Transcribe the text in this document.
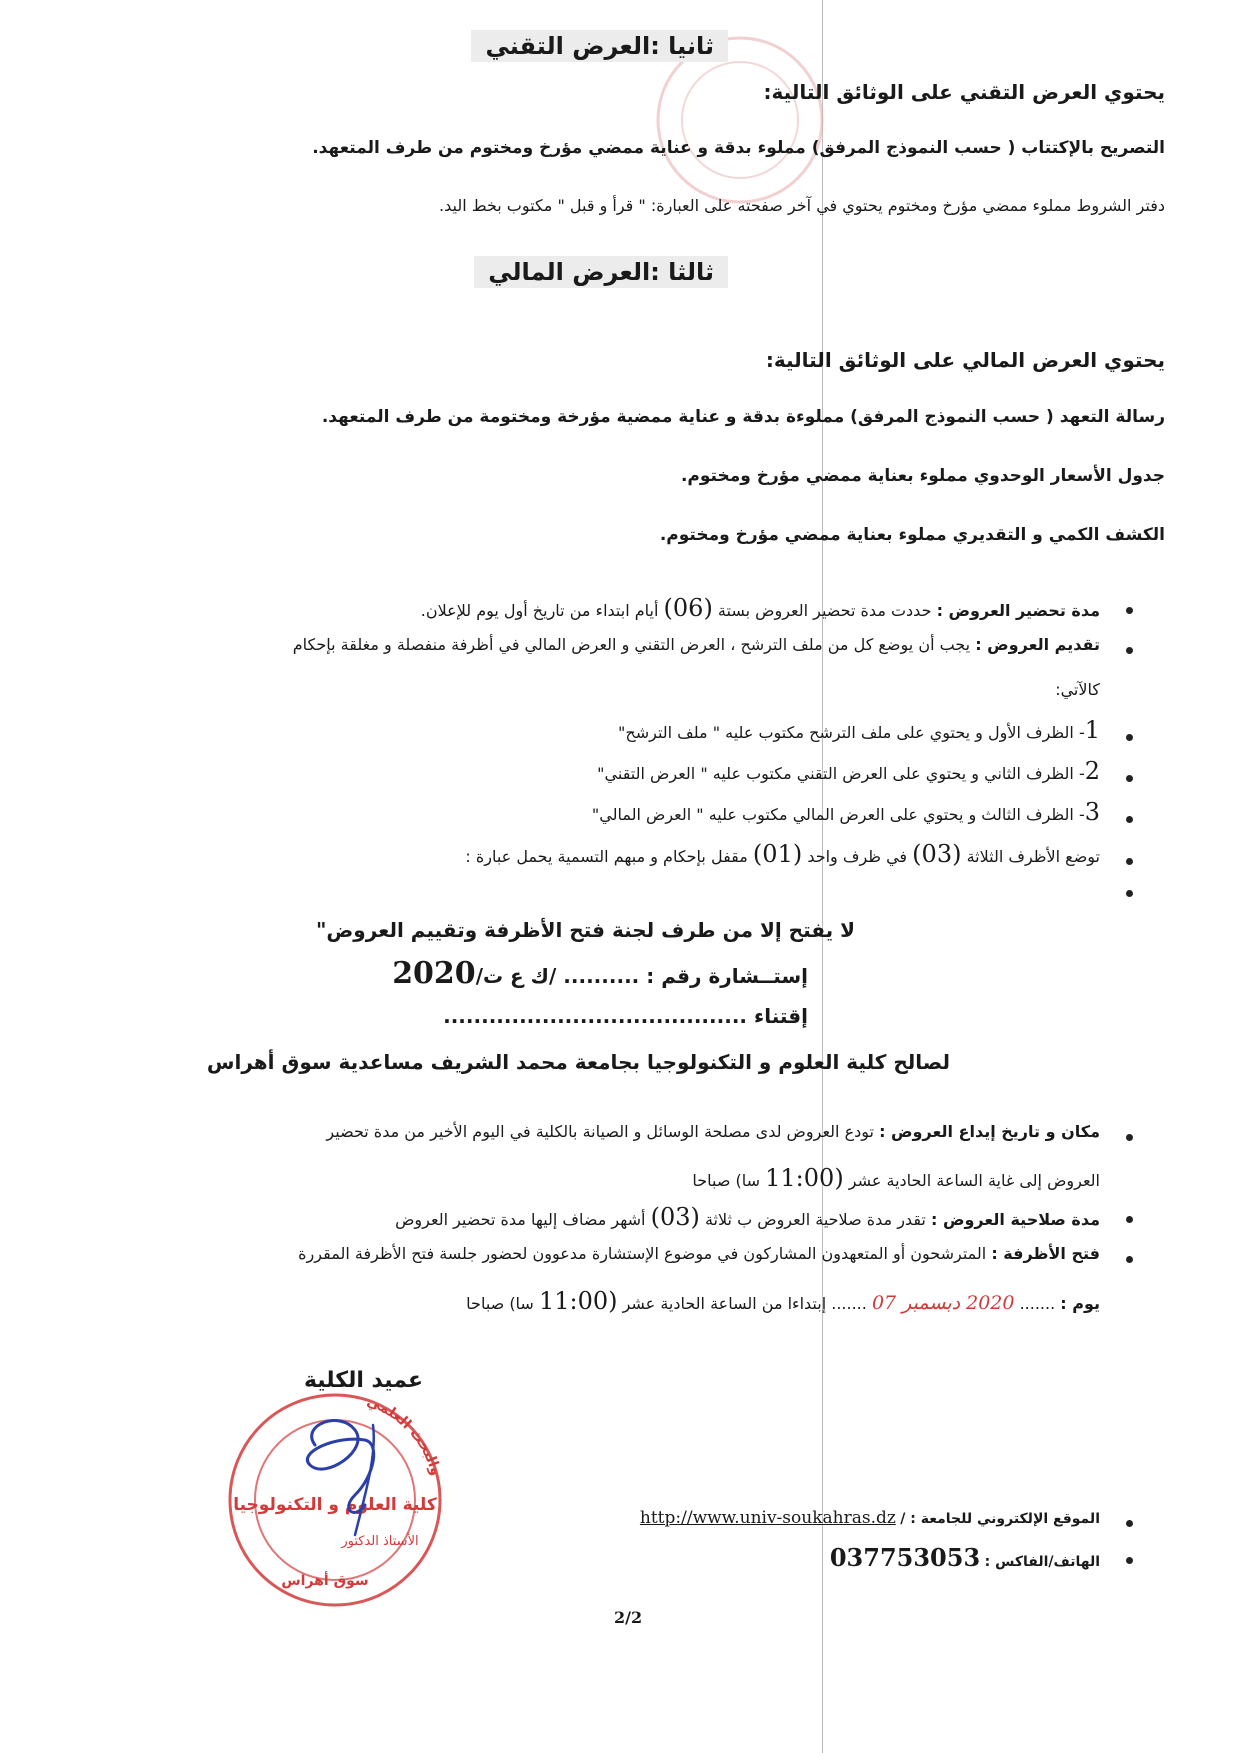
ثانيا :العرض التقني
يحتوي العرض التقني على الوثائق التالية:
التصريح بالإكتتاب ( حسب النموذج المرفق) مملوء بدقة و عناية ممضي مؤرخ ومختوم من طرف المتعهد.
دفتر الشروط مملوء ممضي مؤرخ ومختوم يحتوي في آخر صفحته على العبارة: " قرأ و قبل " مكتوب بخط اليد.
ثالثا :العرض المالي
يحتوي العرض المالي على الوثائق التالية:
رسالة التعهد ( حسب النموذج المرفق) مملوءة بدقة و عناية ممضية مؤرخة ومختومة من طرف المتعهد.
جدول الأسعار الوحدوي مملوء بعناية ممضي مؤرخ ومختوم.
الكشف الكمي و التقديري مملوء بعناية ممضي مؤرخ ومختوم.
مدة تحضير العروض : حددت مدة تحضير العروض بستة (06) أيام ابتداء من تاريخ أول يوم للإعلان.
تقديم العروض : يجب أن يوضع كل من ملف الترشح ، العرض التقني و العرض المالي في أظرفة منفصلة و مغلقة بإحكام
كالآتي:
1- الظرف الأول و يحتوي على ملف الترشح مكتوب عليه " ملف الترشح"
2- الظرف الثاني و يحتوي على العرض التقني مكتوب عليه " العرض التقني"
3- الظرف الثالث و يحتوي على العرض المالي مكتوب عليه " العرض المالي"
توضع الأظرف الثلاثة (03) في ظرف واحد (01) مقفل بإحكام و مبهم التسمية يحمل عبارة :
لا يفتح إلا من طرف لجنة فتح الأظرفة وتقييم العروض"
إستــشارة رقم : .......... /ك ع ت/2020
إقتناء ........................................
لصالح كلية العلوم و التكنولوجيا بجامعة محمد الشريف مساعدية سوق أهراس
مكان و تاريخ إيداع العروض : تودع العروض لدى مصلحة الوسائل و الصيانة بالكلية في اليوم الأخير من مدة تحضير
العروض إلى غاية الساعة الحادية عشر (11:00 سا) صباحا
مدة صلاحية العروض : تقدر مدة صلاحية العروض ب ثلاثة (03) أشهر مضاف إليها مدة تحضير العروض
فتح الأظرفة : المترشحون أو المتعهدون المشاركون في موضوع الإستشارة مدعوون لحضور جلسة فتح الأظرفة المقررة
يوم : ....... 2020 دبسمبر 07 ....... إبتداءا من الساعة الحادية عشر (11:00 سا) صباحا
عميد الكلية
والبحث العلمي
كلية العلوم و التكنولوجيا
الأستاذ الدكتور
سوق أهراس
الموقع الإلكتروني للجامعة : / http://www.univ-soukahras.dz
الهاتف/الفاكس : 037753053
2/2
